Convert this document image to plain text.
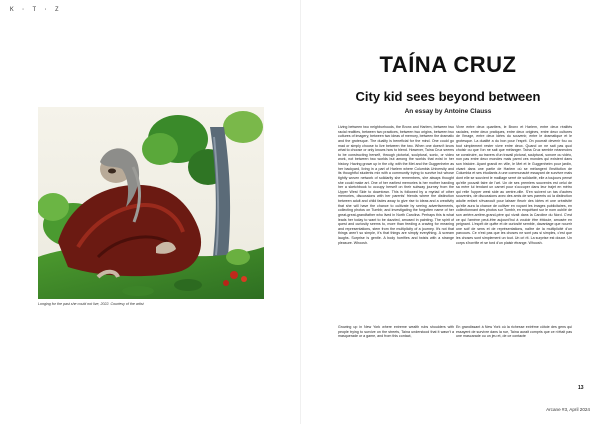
K · T · Z
Longing for the past she could not live, 2022. Courtesy of the artist
TAÍNA CRUZ
City kid sees beyond between
An essay by Antoine Clauss

Living between two neighborhoods, the Bronx and Harlem, between two racial realities, between two practices, between two origins, between two cultures of imagery, between two ideas of memory, between the dramatic and the grotesque. The duality is beneficial for the mind. One could go mad or simply choose to live between the two. When one doesn't know what to choose or only knows how to blend. However, Taína Cruz seems to be constructing herself, through pictorial, sculptural, sonic, or video work, not between two worlds but among the worlds that exist in her history. Having grown up in the city, with the Met and the Guggenheim as her backyard, living in a part of Harlem where Columbia University and its thoughtful students mix with a community trying to survive but whose tightly woven network of solidarity she remembers, she always thought she could make art. One of her earliest memories is her mother handing her a sketchbook to occupy herself on their subway journey from the Upper West Side to downtown. This is followed by a myriad of other memories, discussions with her parents' friends where the distinction between adult and child fades away to give rise to ideas and a creativity that she will have the chance to cultivate by seeing advertisements, collecting photos on Tumblr, and investigating the forgotten name of her great-great-grandfather who lived in North Carolina. Perhaps this is what leads her today to want to be dazzled, amused in painting. The spirit of quest and curiosity seems to, more than feeding a craving for meaning and representations, stem from the multiplicity of a journey. It's not that things aren't so simple, it's that things are simply everything. A scream laughs. Surprise is gentle. A body horrifies and twists with a strange pleasure. Whoosh.

Vivre entre deux quartiers, le Bronx et Harlem, entre deux réalités raciales, entre deux pratiques, entre deux origines, entre deux cultures de l'image, entre deux idées du souvenir, entre le dramatique et le grotesque. La dualité a du bon pour l'esprit. On pourrait devenir fou ou tout simplement rester vivre entre deux. Quand on ne sait pas quoi choisir ou que l'on ne sait que mélanger. Taína Cruz semble néanmoins se construire, au travers d'un travail pictural, sculptural, sonore ou vidéo, non pas entre deux mondes mais parmi ces mondes qui existent dans son histoire. Ayant grandi en ville, le Met et le Guggenheim pour jardin, vivant dans une partie de Harlem où se mélangent l'institution de Columbia et ses étudiants à une communauté essayant de survivre mais dont elle se souvient le maillage serré de solidarité, elle a toujours pensé qu'elle pouvait faire de l'art. Un de ses premiers souvenirs est celui de sa mère lui tendant un carnet pour s'occuper dans leur trajet en métro qui relie l'upper west side au centre-ville. S'en suivent un tas d'autres souvenirs, de discussions avec des amis de ses parents où la distinction adulte enfant s'évanouit pour laisser fleurir des idées et une créativité qu'elle aura la chance de cultiver en voyant les images publicitaires, en collectionnant des photos sur Tumblr, en enquêtant sur le nom oublié de son arrière-arrière-grand-père qui vivait dans la Caroline du Nord. C'est ce qui l'amène peut-être aujourd'hui à vouloir être éblouie, amusée en peignant. L'esprit de quête et de curiosité semble, davantage que nourrir une soif de sens et de représentations, naître de la multiplicité d'un parcours. Ce n'est pas que les choses ne sont pas si simples, c'est que les choses sont simplement un tout. Un cri rit. La surprise est douce. Un corps s'horrifie et se tord d'un plaisir étrange. Whoosh.

Growing up in New York where extreme wealth rubs shoulders with people trying to survive on the streets, Taína understood that it wasn't a masquerade or a game, and from this contact,

En grandissant à New York où la richesse extrême côtoie des gens qui essayent de survivre dans la rue, Taína aurait compris que ce n'était pas une mascarade ou un jeu et, de ce contacte

13
Arcane #3, April 2024
